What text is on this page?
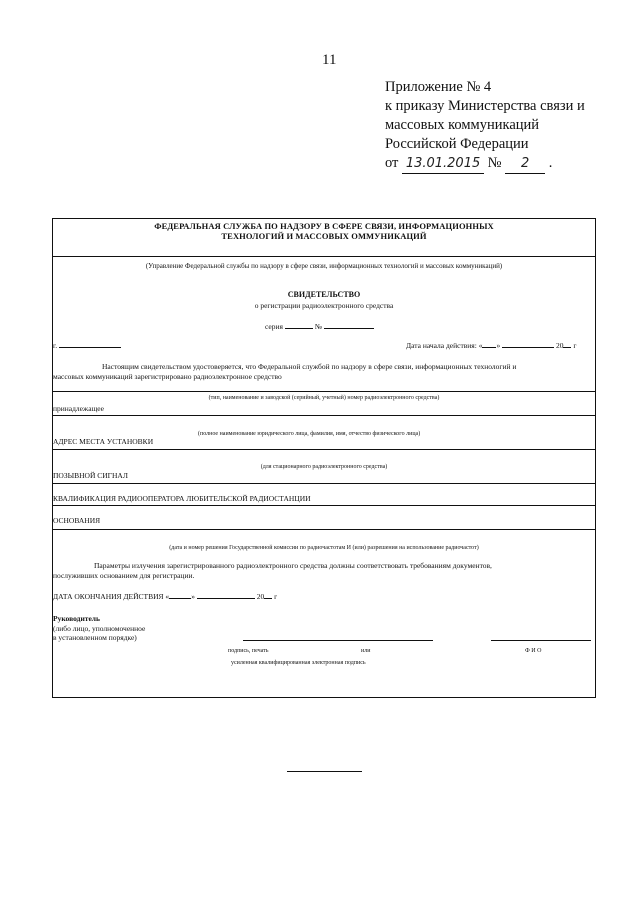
11
Приложение № 4
к приказу Министерства связи и
массовых коммуникаций
Российской Федерации
от 13.01.2015 № 2 .
ФЕДЕРАЛЬНАЯ СЛУЖБА ПО НАДЗОРУ В СФЕРЕ СВЯЗИ, ИНФОРМАЦИОННЫХ
ТЕХНОЛОГИЙ И МАССОВЫХ ОММУНИКАЦИЙ
(Управление Федеральной службы по надзору в сфере связи, информационных технологий и массовых коммуникаций)
СВИДЕТЕЛЬСТВО
о регистрации радиоэлектронного средства
серия	№
г.	Дата начала действия: « »	20 г
Настоящим свидетельством удостоверяется, что Федеральной службой по надзору в сфере связи, информационных технологий и
массовых коммуникаций зарегистрировано радиоэлектронное средство
(тип, наименование и заводской (серийный, учетный) номер радиоэлектронного средства)
принадлежащее
(полное наименование юридического лица, фамилия, имя, отчество физического лица)
АДРЕС МЕСТА УСТАНОВКИ
(для стационарного радиоэлектронного средства)
ПОЗЫВНОЙ СИГНАЛ
КВАЛИФИКАЦИЯ РАДИООПЕРАТОРА ЛЮБИТЕЛЬСКОЙ РАДИОСТАНЦИИ
ОСНОВАНИЯ
(дата и номер решения Государственной комиссии по радиочастотам И (или) разрешения на использование радиочастот)
Параметры излучения зарегистрированного радиоэлектронного средства должны соответствовать требованиям документов,
послуживших основанием для регистрации.
ДАТА ОКОНЧАНИЯ ДЕЙСТВИЯ «	»	20 г
Руководитель
(либо лицо, уполномоченное
в установленном порядке)
подпись, печать	или	Ф И О
усиленная квалифицированная электронная подпись
